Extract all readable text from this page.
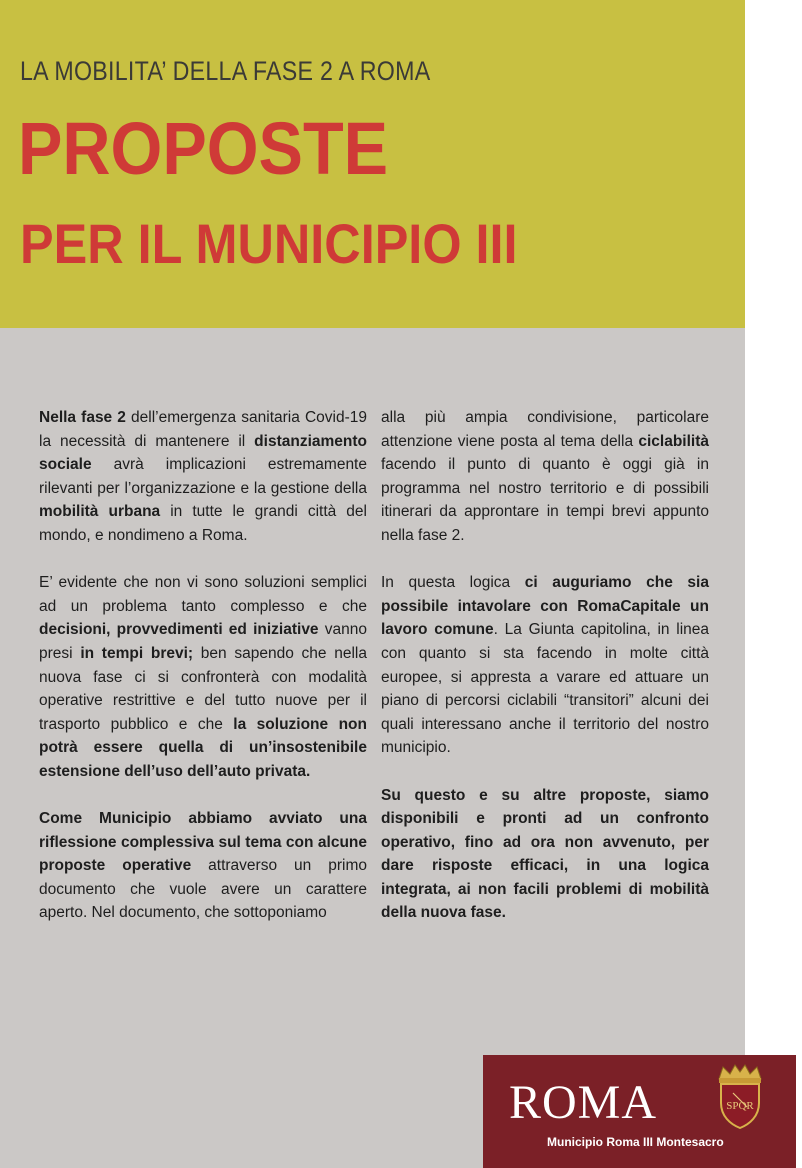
LA MOBILITA’ DELLA FASE 2 A ROMA
PROPOSTE
PER IL MUNICIPIO III

Nella fase 2 dell’emergenza sanitaria Covid-19 la necessità di mantenere il distanziamento sociale avrà implicazioni estremamente rilevanti per l’organizzazione e la gestione della mobilità urbana in tutte le grandi città del mondo, e nondimeno a Roma.

E’ evidente che non vi sono soluzioni semplici ad un problema tanto complesso e che decisioni, provvedimenti ed iniziative vanno presi in tempi brevi; ben sapendo che nella nuova fase ci si confronterà con modalità operative restrittive e del tutto nuove per il trasporto pubblico e che la soluzione non potrà essere quella di un’insostenibile estensione dell’uso dell’auto privata.

Come Municipio abbiamo avviato una riflessione complessiva sul tema con alcune proposte operative attraverso un primo documento che vuole avere un carattere aperto. Nel documento, che sottoponiamo

alla più ampia condivisione, particolare attenzione viene posta al tema della ciclabilità facendo il punto di quanto è oggi già in programma nel nostro territorio e di possibili itinerari da approntare in tempi brevi appunto nella fase 2.

In questa logica ci auguriamo che sia possibile intavolare con RomaCapitale un lavoro comune. La Giunta capitolina, in linea con quanto si sta facendo in molte città europee, si appresta a varare ed attuare un piano di percorsi ciclabili “transitori” alcuni dei quali interessano anche il territorio del nostro municipio.

Su questo e su altre proposte, siamo disponibili e pronti ad un confronto operativo, fino ad ora non avvenuto, per dare risposte efficaci, in una logica integrata, ai non facili problemi di mobilità della nuova fase.

ROMA	SPQR
Municipio Roma III Montesacro
